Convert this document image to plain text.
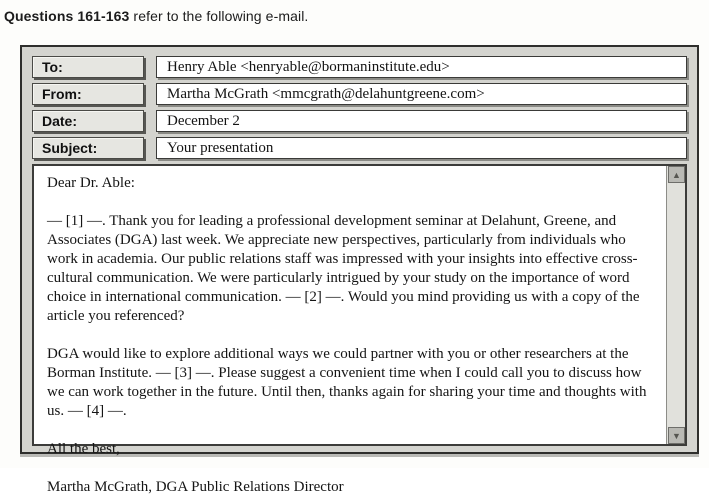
Questions 161-163 refer to the following e-mail.
To:	Henry Able <henryable@bormaninstitute.edu>
From:	Martha McGrath <mmcgrath@delahuntgreene.com>
Date:	December 2
Subject:	Your presentation

Dear Dr. Able:

— [1] —. Thank you for leading a professional development seminar at Delahunt, Greene, and Associates (DGA) last week. We appreciate new perspectives, particularly from individuals who work in academia. Our public relations staff was impressed with your insights into effective cross-cultural communication. We were particularly intrigued by your study on the importance of word choice in international communication. — [2] —. Would you mind providing us with a copy of the article you referenced?

DGA would like to explore additional ways we could partner with you or other researchers at the Borman Institute. — [3] —. Please suggest a convenient time when I could call you to discuss how we can work together in the future. Until then, thanks again for sharing your time and thoughts with us. — [4] —.

All the best,

Martha McGrath, DGA Public Relations Director

▲
▼
